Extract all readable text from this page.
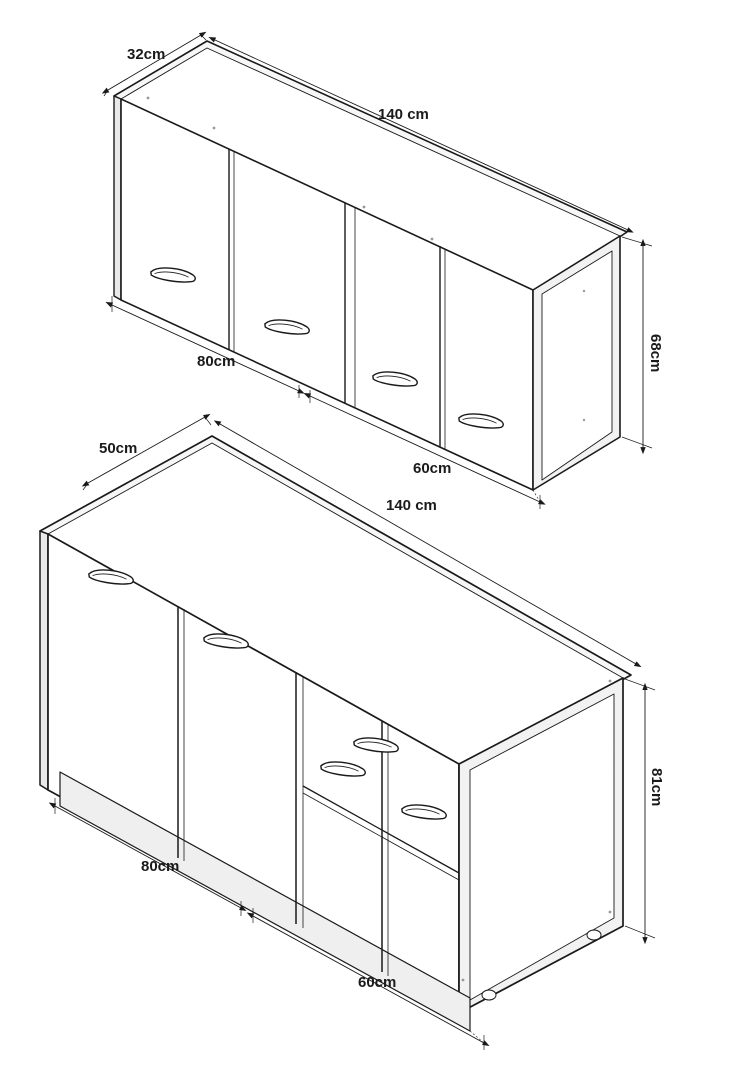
32cm
140 cm
80cm
60cm
68cm
50cm
140 cm
80cm
60cm
81cm
